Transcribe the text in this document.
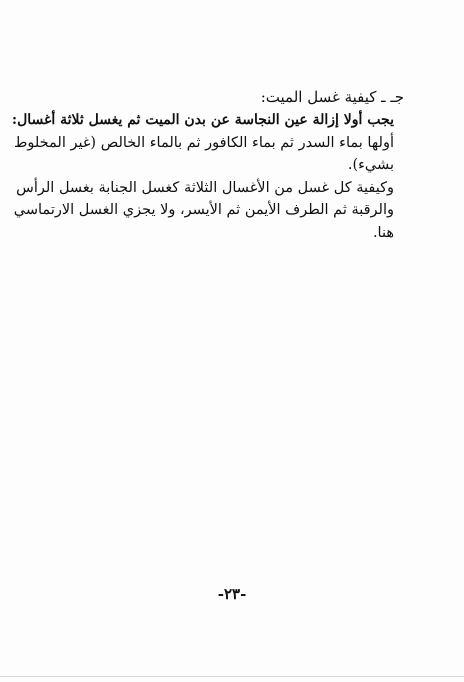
جـ ـ كيفية غسل الميت:

يجب أولا إزالة عين النجاسة عن بدن الميت ثم يغسل ثلاثة أغسال:

أولها بماء السدر ثم بماء الكافور ثم بالماء الخالص (غير المخلوط

بشيء).

وكيفية كل غسل من الأغسال الثلاثة كغسل الجنابة بغسل الرأس

والرقبة ثم الطرف الأيمن ثم الأيسر، ولا يجزي الغسل الارتماسي

هنا.

-٢٣-
